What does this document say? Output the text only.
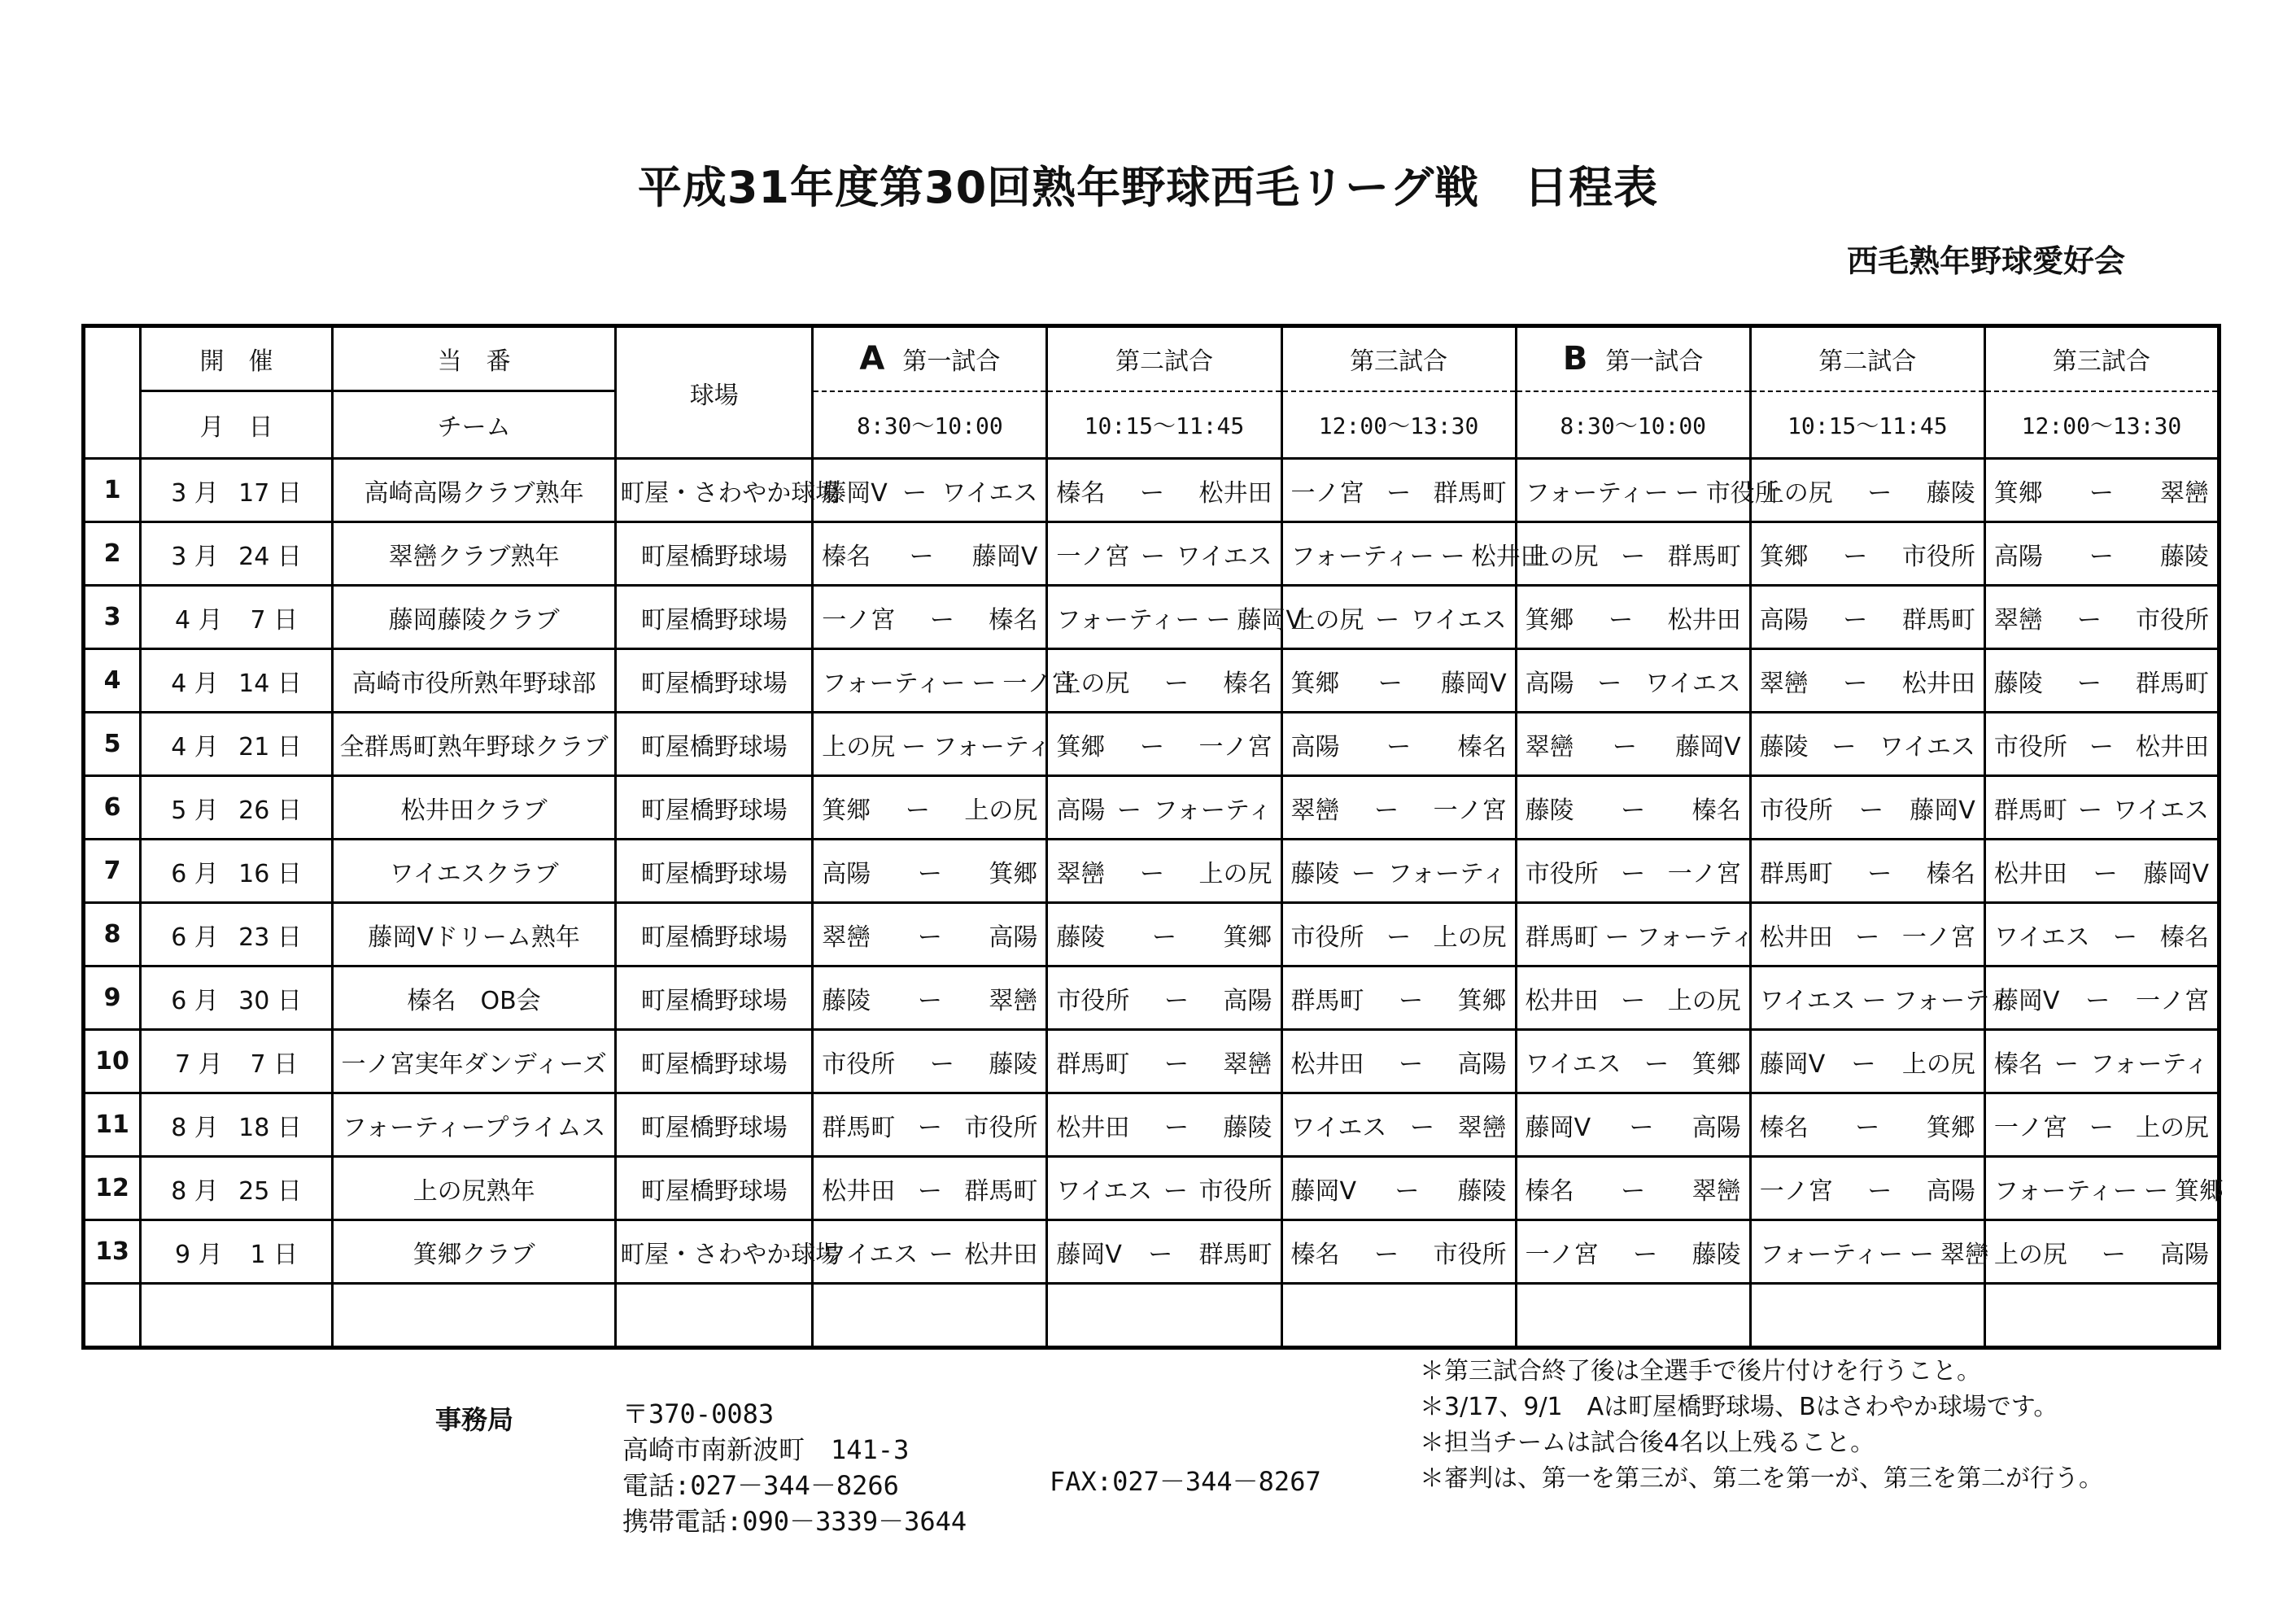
平成31年度第30回熟年野球西毛リーグ戦　日程表
西毛熟年野球愛好会
	開　催	当　番	球場	A 第一試合	第二試合	第三試合	B 第一試合	第二試合	第三試合
	月　日	チーム		8:30～10:00	10:15～11:45	12:00～13:30	8:30～10:00	10:15～11:45	12:00～13:30
1	3 月 17 日	高崎高陽クラブ熟年	町屋・さわやか球場	藤岡V ー ワイエス	榛名 ー 松井田	一ノ宮 ー 群馬町	フォーティー ー 市役所	上の尻 ー 藤陵	箕郷 ー 翠巒

2	3 月 24 日	翠巒クラブ熟年	町屋橋野球場	榛名 ー 藤岡V	一ノ宮 ー ワイエス	フォーティー ー 松井田	上の尻 ー 群馬町	箕郷 ー 市役所	高陽 ー 藤陵

3	4 月 7 日	藤岡藤陵クラブ	町屋橋野球場	一ノ宮 ー 榛名	フォーティー ー 藤岡V	上の尻 ー ワイエス	箕郷 ー 松井田	高陽 ー 群馬町	翠巒 ー 市役所

4	4 月 14 日	高崎市役所熟年野球部	町屋橋野球場	フォーティー ー 一ノ宮	上の尻 ー 榛名	箕郷 ー 藤岡V	高陽 ー ワイエス	翠巒 ー 松井田	藤陵 ー 群馬町

5	4 月 21 日	全群馬町熟年野球クラブ	町屋橋野球場	上の尻 ー フォーティ	箕郷 ー 一ノ宮	高陽 ー 榛名	翠巒 ー 藤岡V	藤陵 ー ワイエス	市役所 ー 松井田

6	5 月 26 日	松井田クラブ	町屋橋野球場	箕郷 ー 上の尻	高陽 ー フォーティ	翠巒 ー 一ノ宮	藤陵 ー 榛名	市役所 ー 藤岡V	群馬町 ー ワイエス

7	6 月 16 日	ワイエスクラブ	町屋橋野球場	高陽 ー 箕郷	翠巒 ー 上の尻	藤陵 ー フォーティ	市役所 ー 一ノ宮	群馬町 ー 榛名	松井田 ー 藤岡V

8	6 月 23 日	藤岡Vドリーム熟年	町屋橋野球場	翠巒 ー 高陽	藤陵 ー 箕郷	市役所 ー 上の尻	群馬町 ー フォーティ	松井田 ー 一ノ宮	ワイエス ー 榛名

9	6 月 30 日	榛名　OB会	町屋橋野球場	藤陵 ー 翠巒	市役所 ー 高陽	群馬町 ー 箕郷	松井田 ー 上の尻	ワイエス ー フォーティ	藤岡V ー 一ノ宮

10	7 月 7 日	一ノ宮実年ダンディーズ	町屋橋野球場	市役所 ー 藤陵	群馬町 ー 翠巒	松井田 ー 高陽	ワイエス ー 箕郷	藤岡V ー 上の尻	榛名 ー フォーティ

11	8 月 18 日	フォーティープライムス	町屋橋野球場	群馬町 ー 市役所	松井田 ー 藤陵	ワイエス ー 翠巒	藤岡V ー 高陽	榛名 ー 箕郷	一ノ宮 ー 上の尻

12	8 月 25 日	上の尻熟年	町屋橋野球場	松井田 ー 群馬町	ワイエス ー 市役所	藤岡V ー 藤陵	榛名 ー 翠巒	一ノ宮 ー 高陽	フォーティー ー 箕郷

13	9 月 1 日	箕郷クラブ	町屋・さわやか球場	ワイエス ー 松井田	藤岡V ー 群馬町	榛名 ー 市役所	一ノ宮 ー 藤陵	フォーティー ー 翠巒	上の尻 ー 高陽

事務局	〒370-0083
高崎市南新波町　141-3
電話:027－344－8266
携帯電話:090－3339－3644
FAX:027－344－8267
＊第三試合終了後は全選手で後片付けを行うこと。
＊3/17、9/1　Aは町屋橋野球場、Bはさわやか球場です。
＊担当チームは試合後4名以上残ること。
＊審判は、第一を第三が、第二を第一が、第三を第二が行う。
